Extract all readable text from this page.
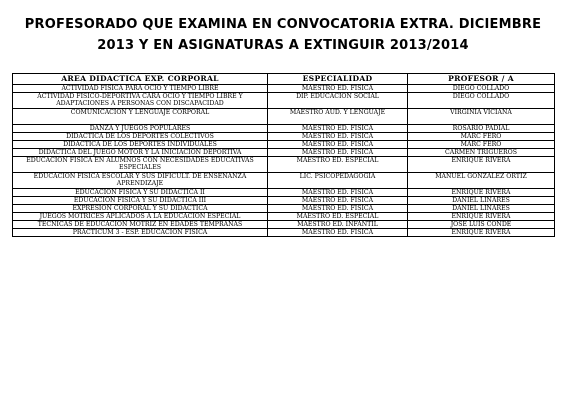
PROFESORADO QUE EXAMINA EN CONVOCATORIA EXTRA. DICIEMBRE
2013 Y EN ASIGNATURAS A EXTINGUIR 2013/2014
AREA DIDACTICA EXP. CORPORAL	ESPECIALIDAD	PROFESOR / A
ACTIVIDAD FISICA PARA OCIO Y TIEMPO LIBRE	MAESTRO ED. FISICA	DIEGO COLLADO
ACTIVIDAD FISICO-DEPORTIVA CARA OCIO Y TIEMPO LIBRE Y ADAPTACIONES A PERSONAS CON DISCAPACIDAD	DIP. EDUCACION SOCIAL	DIEGO COLLADO
COMUNICACIÓN Y LENGUAJE CORPORAL	MAESTRO AUD. Y LENGUAJE	VIRGINIA VICIANA
DANZA Y JUEGOS POPULARES	MAESTRO ED. FISICA	ROSARIO PADIAL
DIDACTICA DE LOS DEPORTES COLECTIVOS	MAESTRO ED. FISICA	MARC FERO
DIDACTICA DE LOS DEPORTES INDIVIDUALES	MAESTRO ED. FISICA	MARC FERO
DIDACTICA DEL JUEGO MOTOR Y LA INICIACION DEPORTIVA	MAESTRO ED. FISICA	CARMEN TRIGUEROS
EDUCACION FISICA EN ALUMNOS CON NECESIDADES EDUCATIVAS ESPECIALES	MAESTRO ED. ESPECIAL	ENRIQUE RIVERA
EDUCACION FISICA ESCOLAR Y SUS DIFICULT. DE ENSEÑANZA APRENDIZAJE	LIC. PSICOPEDAGOGIA	MANUEL GONZALEZ ORTIZ
EDUCACION FISICA Y SU DIDACTICA II	MAESTRO ED. FISICA	ENRIQUE RIVERA
EDUCACION FISICA Y SU DIDACTICA III	MAESTRO ED. FISICA	DANIEL LINARES
EXPRESION CORPORAL Y SU DIDACTICA	MAESTRO ED. FISICA	DANIEL LINARES
JUEGOS MOTRICES APLICADOS A LA EDUCACION ESPECIAL	MAESTRO ED. ESPECIAL	ENRIQUE RIVERA
TECNICAS DE EDUCACION MOTRIZ EN EDADES TEMPRANAS	MAESTRO ED. INFANTIL	JOSE LUIS CONDE
PRACTICUM 3 - ESP. EDUCACION FISICA	MAESTRO ED. FISICA	ENRIQUE RIVERA
